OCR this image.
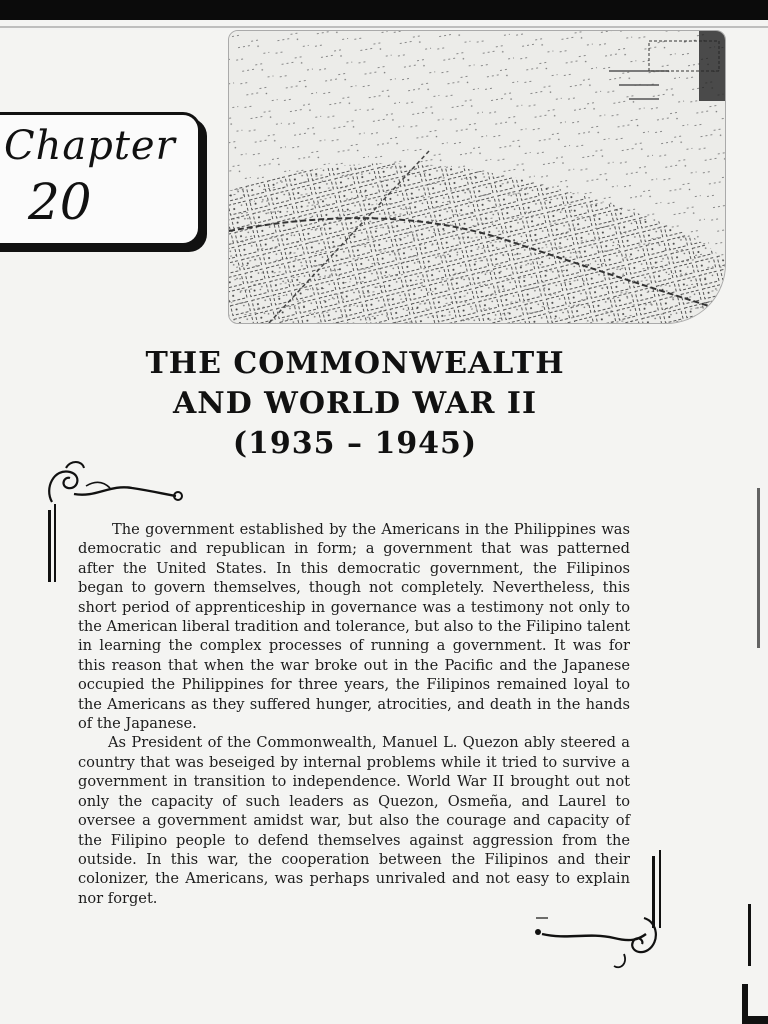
Chapter
20
THE COMMONWEALTH
AND WORLD WAR II
(1935 – 1945)

The government established by the Americans in the Philippines was democratic and republican in form; a government that was patterned after the United States. In this democratic government, the Filipinos began to govern themselves, though not completely. Nevertheless, this short period of apprenticeship in governance was a testimony not only to the American liberal tradition and tolerance, but also to the Filipino talent in learning the complex processes of running a government. It was for this reason that when the war broke out in the Pacific and the Japanese occupied the Philippines for three years, the Filipinos remained loyal to the Americans as they suffered hunger, atrocities, and death in the hands of the Japanese.

As President of the Commonwealth, Manuel L. Quezon ably steered a country that was beseiged by internal problems while it tried to survive a government in transition to independence. World War II brought out not only the capacity of such leaders as Quezon, Osmeña, and Laurel to oversee a government amidst war, but also the courage and capacity of the Filipino people to defend themselves against aggression from the outside. In this war, the cooperation between the Filipinos and their colonizer, the Americans, was perhaps unrivaled and not easy to explain nor forget.
